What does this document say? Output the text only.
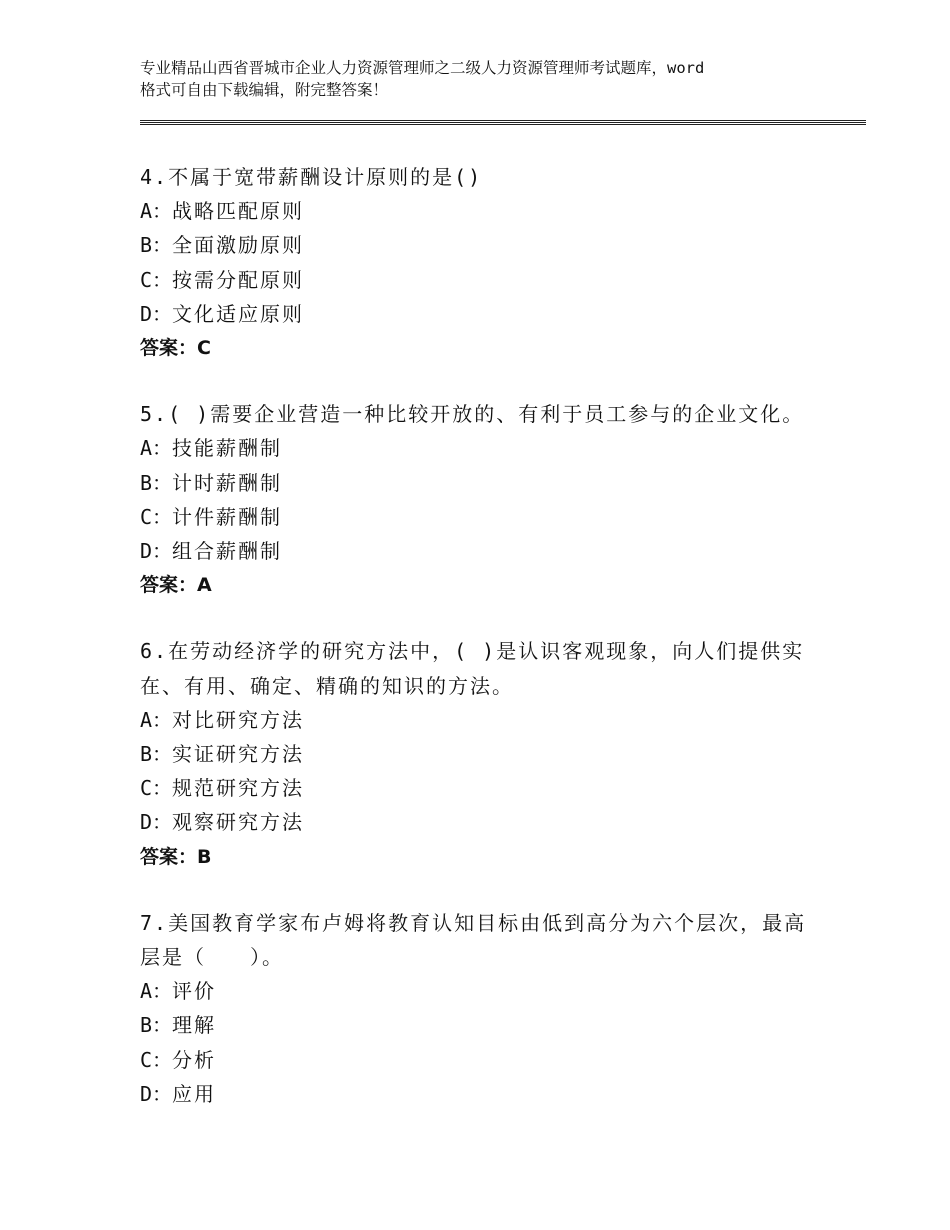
专业精品山西省晋城市企业人力资源管理师之二级人力资源管理师考试题库，word
格式可自由下载编辑，附完整答案！
4.不属于宽带薪酬设计原则的是()
A：战略匹配原则
B：全面激励原则
C：按需分配原则
D：文化适应原则
答案：C
5.( )需要企业营造一种比较开放的、有利于员工参与的企业文化。
A：技能薪酬制
B：计时薪酬制
C：计件薪酬制
D：组合薪酬制
答案：A
6.在劳动经济学的研究方法中，( )是认识客观现象，向人们提供实
在、有用、确定、精确的知识的方法。
A：对比研究方法
B：实证研究方法
C：规范研究方法
D：观察研究方法
答案：B
7.美国教育学家布卢姆将教育认知目标由低到高分为六个层次，最高
层是（　　）。
A：评价
B：理解
C：分析
D：应用
